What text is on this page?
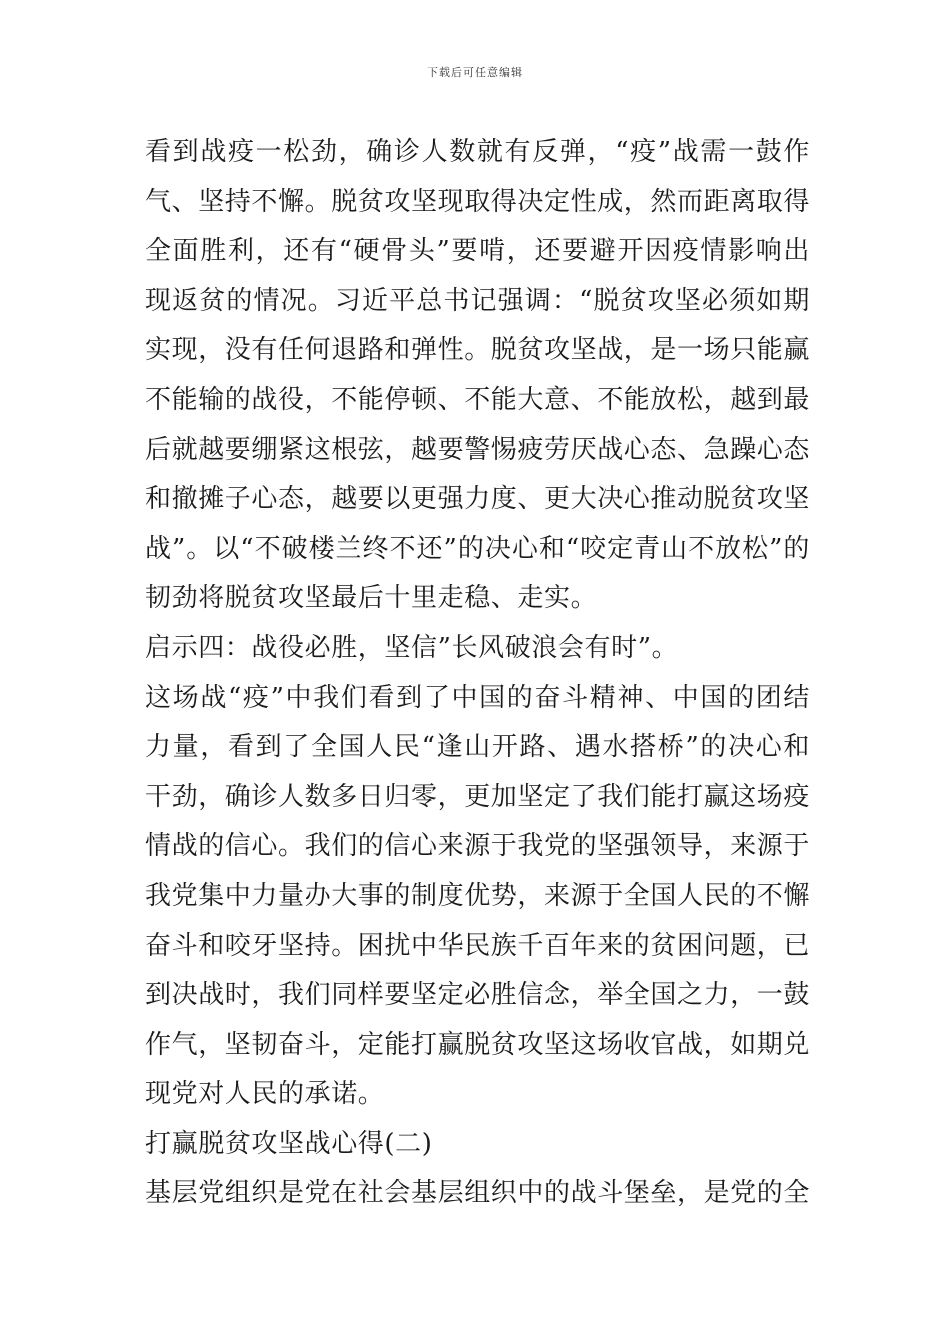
下载后可任意编辑

看到战疫一松劲，确诊人数就有反弹，“疫”战需一鼓作气、坚持不懈。脱贫攻坚现取得决定性成，然而距离取得全面胜利，还有“硬骨头”要啃，还要避开因疫情影响出现返贫的情况。习近平总书记强调：“脱贫攻坚必须如期实现，没有任何退路和弹性。脱贫攻坚战，是一场只能赢不能输的战役，不能停顿、不能大意、不能放松，越到最后就越要绷紧这根弦，越要警惕疲劳厌战心态、急躁心态和撤摊子心态，越要以更强力度、更大决心推动脱贫攻坚战”。以“不破楼兰终不还”的决心和“咬定青山不放松”的韧劲将脱贫攻坚最后十里走稳、走实。

启示四：战役必胜，坚信”长风破浪会有时”。

这场战“疫”中我们看到了中国的奋斗精神、中国的团结力量，看到了全国人民“逢山开路、遇水搭桥”的决心和干劲，确诊人数多日归零，更加坚定了我们能打赢这场疫情战的信心。我们的信心来源于我党的坚强领导，来源于我党集中力量办大事的制度优势，来源于全国人民的不懈奋斗和咬牙坚持。困扰中华民族千百年来的贫困问题，已到决战时，我们同样要坚定必胜信念，举全国之力，一鼓作气，坚韧奋斗，定能打赢脱贫攻坚这场收官战，如期兑现党对人民的承诺。

打赢脱贫攻坚战心得(二)

基层党组织是党在社会基层组织中的战斗堡垒，是党的全
